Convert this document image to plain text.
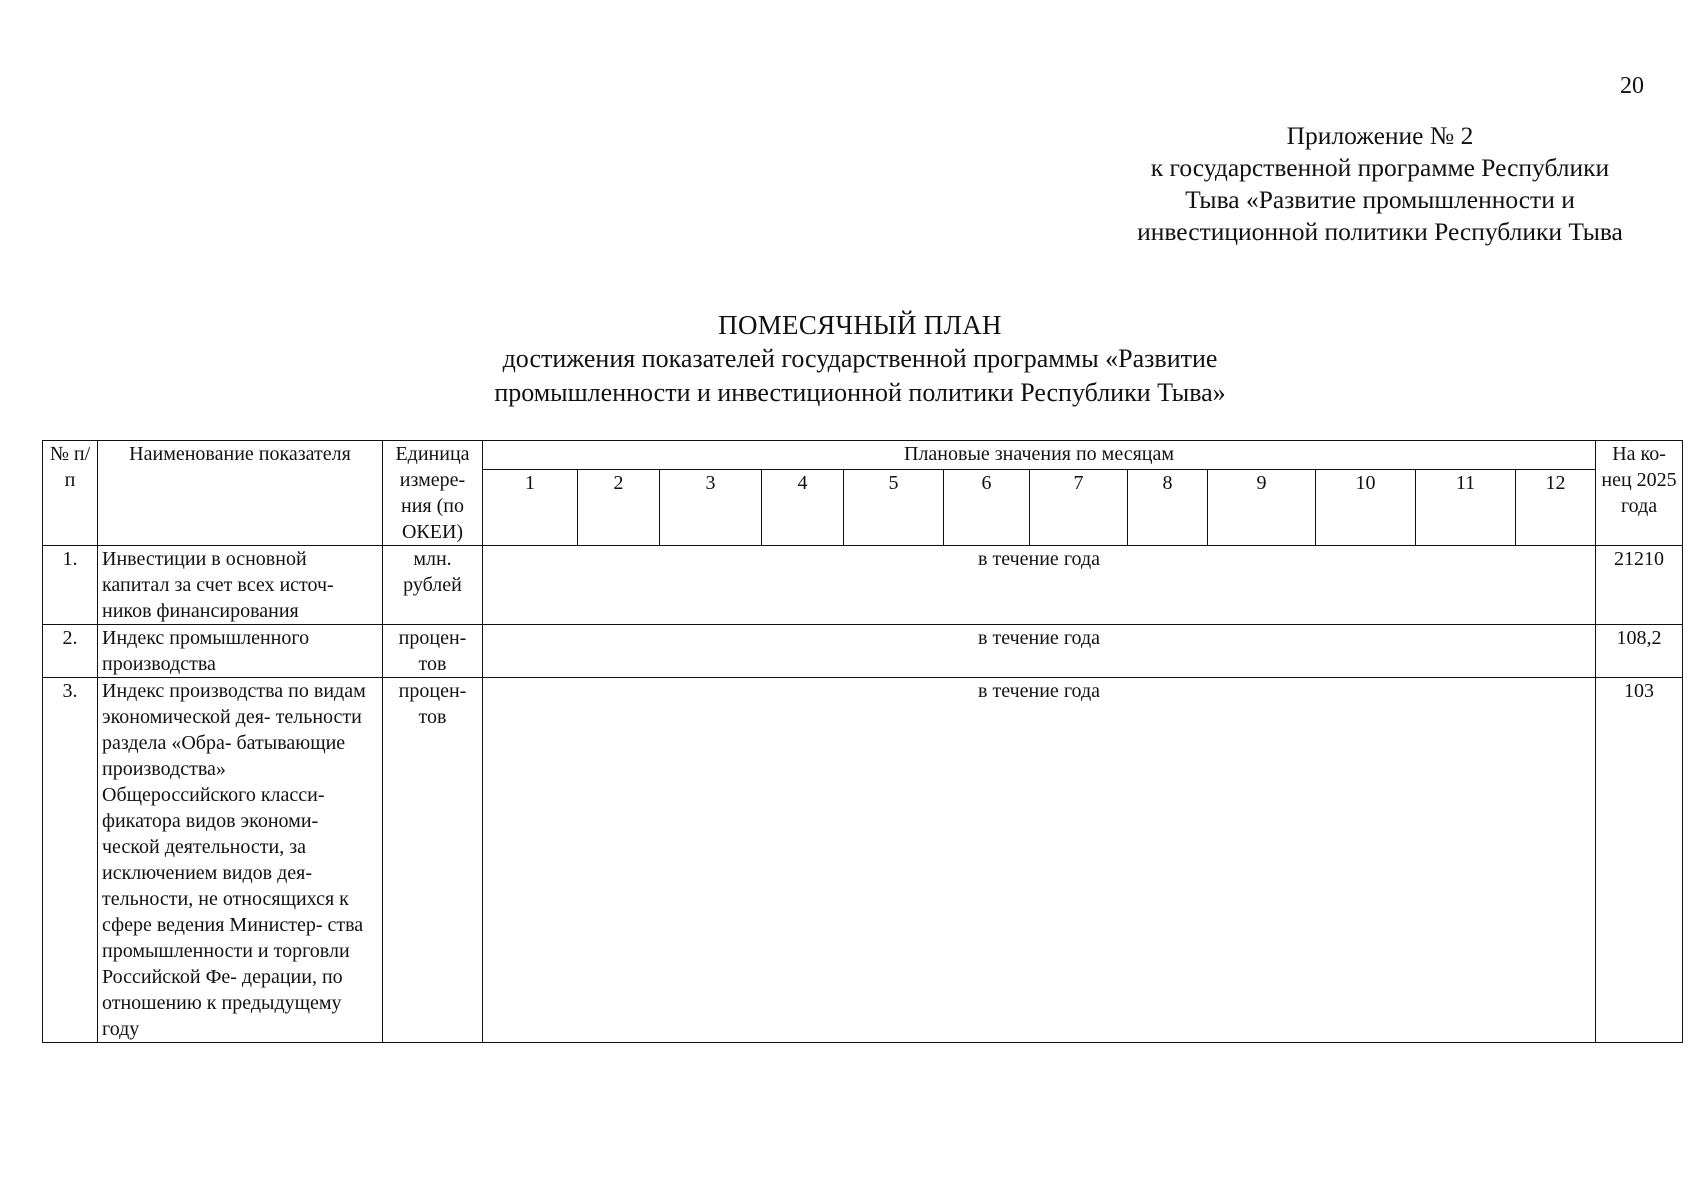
20
Приложение № 2
к государственной программе Республики
Тыва «Развитие промышленности и
инвестиционной политики Республики Тыва
ПОМЕСЯЧНЫЙ ПЛАН
достижения показателей государственной программы «Развитие
промышленности и инвестиционной политики Республики Тыва»
№ п/п	Наименование показателя	Единица измере- ния (по ОКЕИ)	Плановые значения по месяцам												На ко- нец 2025 года
			1	2	3	4	5	6	7	8	9	10	11	12	
1.	Инвестиции в основной капитал за счет всех источ- ников финансирования	млн. рублей	в течение года												21210
2.	Индекс промышленного производства	процен- тов	в течение года												108,2
3.	Индекс производства по видам экономической дея- тельности раздела «Обра- батывающие производства» Общероссийского класси- фикатора видов экономи- ческой деятельности, за исключением видов дея- тельности, не относящихся к сфере ведения Министер- ства промышленности и торговли Российской Фе- дерации, по отношению к предыдущему году	процен- тов	в течение года												103
